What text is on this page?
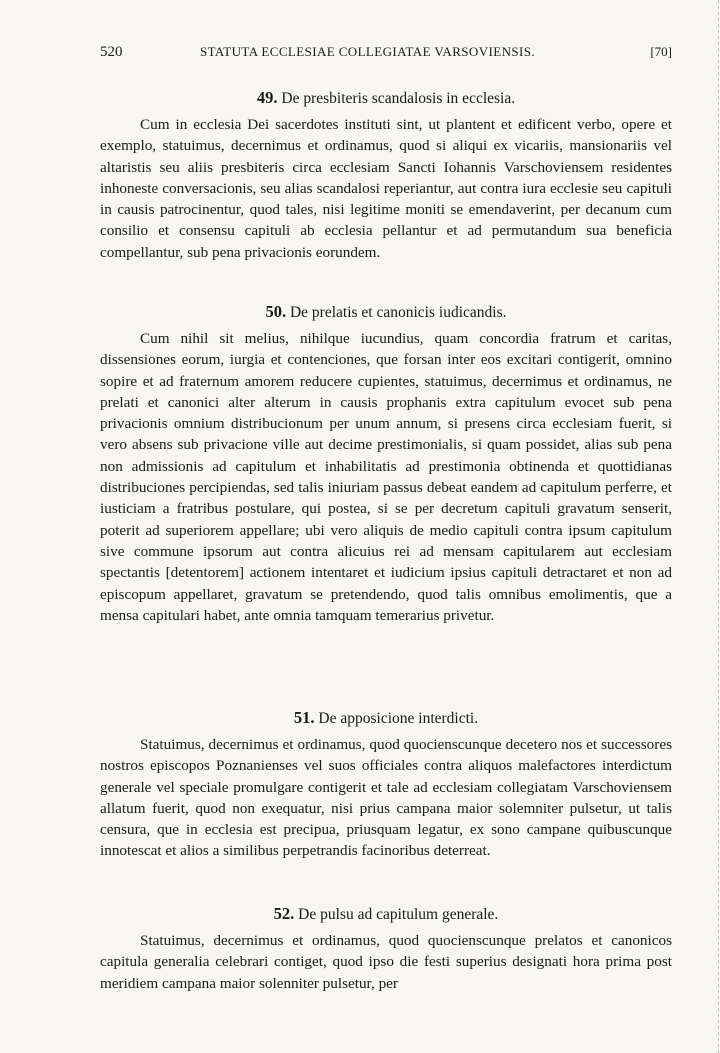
520	STATUTA ECCLESIAE COLLEGIATAE VARSOVIENSIS.	[70]
49. De presbiteris scandalosis in ecclesia.
Cum in ecclesia Dei sacerdotes instituti sint, ut plantent et edificent verbo, opere et exemplo, statuimus, decernimus et ordinamus, quod si aliqui ex vicariis, mansionariis vel altaristis seu aliis presbiteris circa ecclesiam Sancti Iohannis Varschoviensem residentes inhoneste conversacionis, seu alias scandalosi reperiantur, aut contra iura ecclesie seu capituli in causis patrocinentur, quod tales, nisi legitime moniti se emendaverint, per decanum cum consilio et consensu capituli ab ecclesia pellantur et ad permutandum sua beneficia compellantur, sub pena privacionis eorundem.
50. De prelatis et canonicis iudicandis.
Cum nihil sit melius, nihilque iucundius, quam concordia fratrum et caritas, dissensiones eorum, iurgia et contenciones, que forsan inter eos excitari contigerit, omnino sopire et ad fraternum amorem reducere cupientes, statuimus, decernimus et ordinamus, ne prelati et canonici alter alterum in causis prophanis extra capitulum evocet sub pena privacionis omnium distribucionum per unum annum, si presens circa ecclesiam fuerit, si vero absens sub privacione ville aut decime prestimonialis, si quam possidet, alias sub pena non admissionis ad capitulum et inhabilitatis ad prestimonia obtinenda et quottidianas distribuciones percipiendas, sed talis iniuriam passus debeat eandem ad capitulum perferre, et iusticiam a fratribus postulare, qui postea, si se per decretum capituli gravatum senserit, poterit ad superiorem appellare; ubi vero aliquis de medio capituli contra ipsum capitulum sive commune ipsorum aut contra alicuius rei ad mensam capitularem aut ecclesiam spectantis [detentorem] actionem intentaret et iudicium ipsius capituli detractaret et non ad episcopum appellaret, gravatum se pretendendo, quod talis omnibus emolimentis, que a mensa capitulari habet, ante omnia tamquam temerarius privetur.
51. De apposicione interdicti.
Statuimus, decernimus et ordinamus, quod quocienscunque decetero nos et successores nostros episcopos Poznanienses vel suos officiales contra aliquos malefactores interdictum generale vel speciale promulgare contigerit et tale ad ecclesiam collegiatam Varschoviensem allatum fuerit, quod non exequatur, nisi prius campana maior solemniter pulsetur, ut talis censura, que in ecclesia est precipua, priusquam legatur, ex sono campane quibuscunque innotescat et alios a similibus perpetrandis facinoribus deterreat.
52. De pulsu ad capitulum generale.
Statuimus, decernimus et ordinamus, quod quocienscunque prelatos et canonicos capitula generalia celebrari contiget, quod ipso die festi superius designati hora prima post meridiem campana maior solenniter pulsetur, per
